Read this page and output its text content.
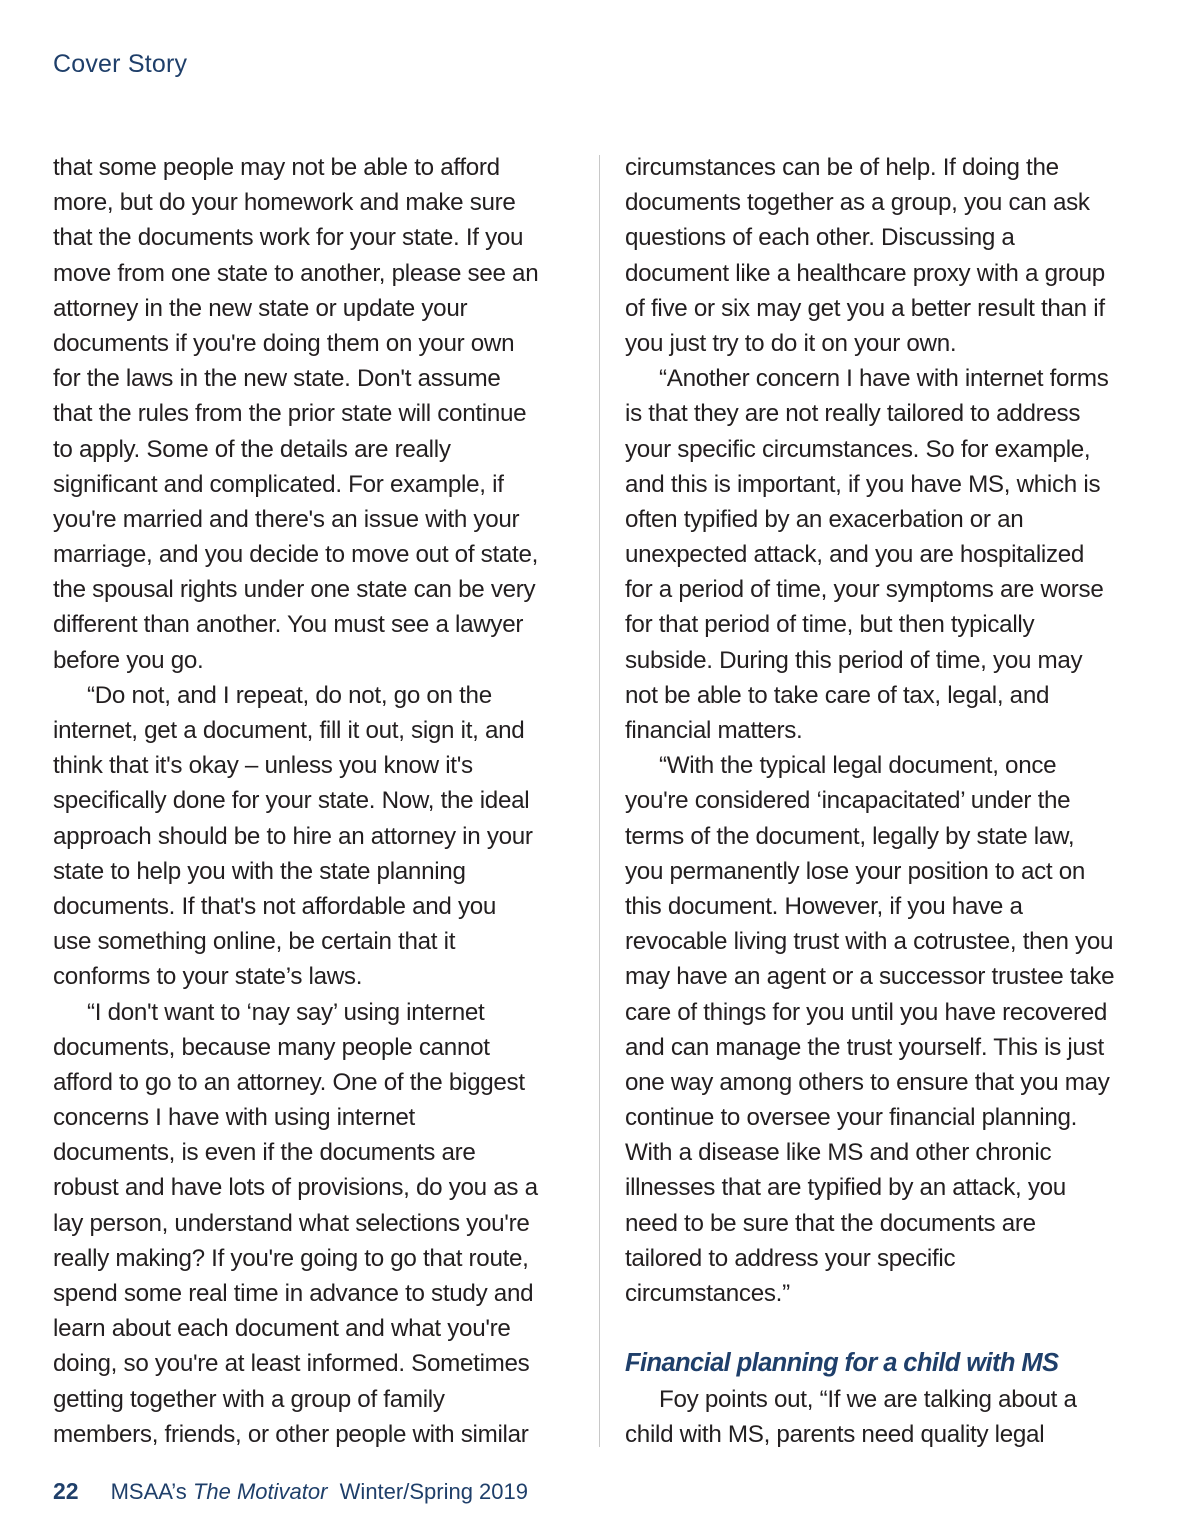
Cover Story
that some people may not be able to afford
more, but do your homework and make sure
that the documents work for your state. If you
move from one state to another, please see an
attorney in the new state or update your
documents if you're doing them on your own
for the laws in the new state. Don't assume
that the rules from the prior state will continue
to apply. Some of the details are really
significant and complicated. For example, if
you're married and there's an issue with your
marriage, and you decide to move out of state,
the spousal rights under one state can be very
different than another. You must see a lawyer
before you go.
“Do not, and I repeat, do not, go on the
internet, get a document, fill it out, sign it, and
think that it's okay – unless you know it's
specifically done for your state. Now, the ideal
approach should be to hire an attorney in your
state to help you with the state planning
documents. If that's not affordable and you
use something online, be certain that it
conforms to your state’s laws.
“I don't want to ‘nay say’ using internet
documents, because many people cannot
afford to go to an attorney. One of the biggest
concerns I have with using internet
documents, is even if the documents are
robust and have lots of provisions, do you as a
lay person, understand what selections you're
really making? If you're going to go that route,
spend some real time in advance to study and
learn about each document and what you're
doing, so you're at least informed. Sometimes
getting together with a group of family
members, friends, or other people with similar
circumstances can be of help. If doing the
documents together as a group, you can ask
questions of each other. Discussing a
document like a healthcare proxy with a group
of five or six may get you a better result than if
you just try to do it on your own.
“Another concern I have with internet forms
is that they are not really tailored to address
your specific circumstances. So for example,
and this is important, if you have MS, which is
often typified by an exacerbation or an
unexpected attack, and you are hospitalized
for a period of time, your symptoms are worse
for that period of time, but then typically
subside. During this period of time, you may
not be able to take care of tax, legal, and
financial matters.
“With the typical legal document, once
you're considered ‘incapacitated’ under the
terms of the document, legally by state law,
you permanently lose your position to act on
this document. However, if you have a
revocable living trust with a cotrustee, then you
may have an agent or a successor trustee take
care of things for you until you have recovered
and can manage the trust yourself. This is just
one way among others to ensure that you may
continue to oversee your financial planning.
With a disease like MS and other chronic
illnesses that are typified by an attack, you
need to be sure that the documents are
tailored to address your specific
circumstances.”
Financial planning for a child with MS
Foy points out, “If we are talking about a
child with MS, parents need quality legal
22 MSAA’s The Motivator Winter/Spring 2019
